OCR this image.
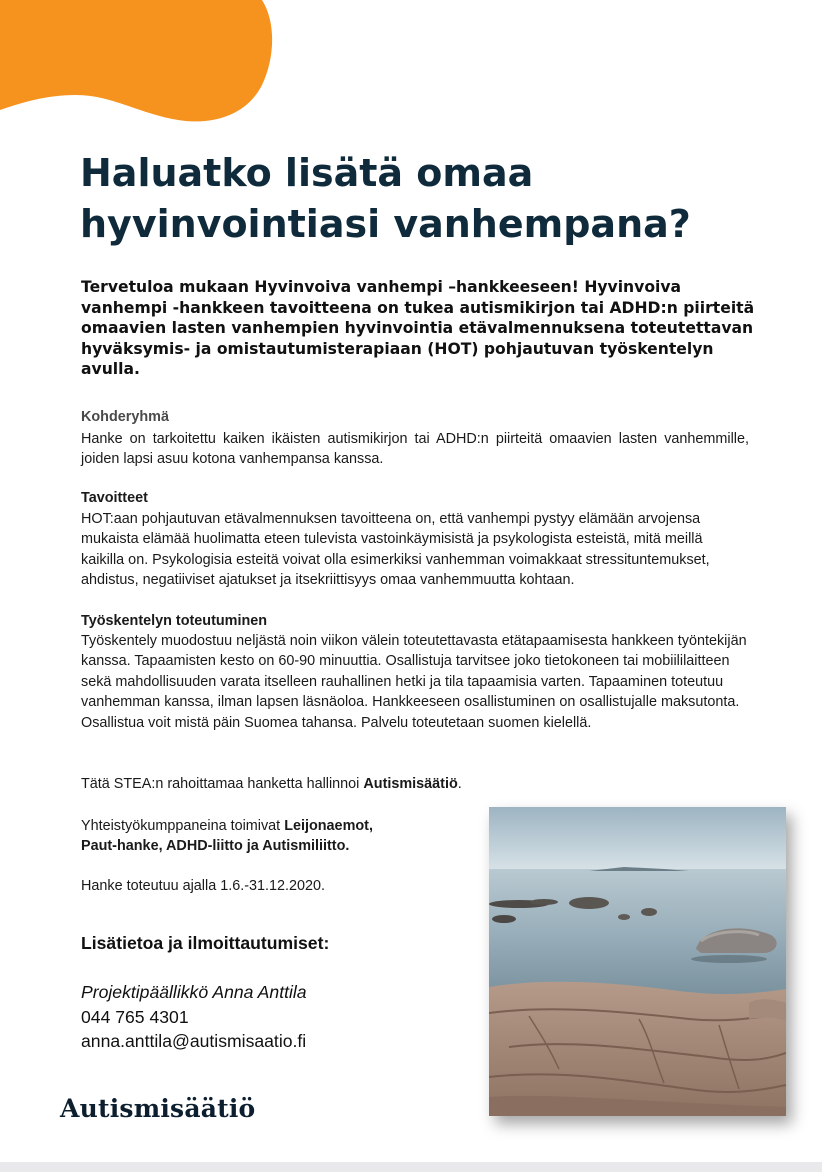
Haluatko lisätä omaa
hyvinvointiasi vanhempana?

Tervetuloa mukaan Hyvinvoiva vanhempi –hankkeeseen! Hyvinvoiva vanhempi -hankkeen tavoitteena on tukea autismikirjon tai ADHD:n piirteitä omaavien lasten vanhempien hyvinvointia etävalmennuksena toteutettavan hyväksymis- ja omistautumisterapiaan (HOT) pohjautuvan työskentelyn avulla.

Kohderyhmä

Hanke on tarkoitettu kaiken ikäisten autismikirjon tai ADHD:n piirteitä omaavien lasten vanhemmille, joiden lapsi asuu kotona vanhempansa kanssa.

Tavoitteet

HOT:aan pohjautuvan etävalmennuksen tavoitteena on, että vanhempi pystyy elämään arvojensa mukaista elämää huolimatta eteen tulevista vastoinkäymisistä ja psykologista esteistä, mitä meillä kaikilla on. Psykologisia esteitä voivat olla esimerkiksi vanhemman voimakkaat stressituntemukset, ahdistus, negatiiviset ajatukset ja itsekriittisyys omaa vanhemmuutta kohtaan.

Työskentelyn toteutuminen

Työskentely muodostuu neljästä noin viikon välein toteutettavasta etätapaamisesta hankkeen työntekijän kanssa. Tapaamisten kesto on 60-90 minuuttia. Osallistuja tarvitsee joko tietokoneen tai mobiililaitteen sekä mahdollisuuden varata itselleen rauhallinen hetki ja tila tapaamisia varten. Tapaaminen toteutuu vanhemman kanssa, ilman lapsen läsnäoloa. Hankkeeseen osallistuminen on osallistujalle maksutonta. Osallistua voit mistä päin Suomea tahansa. Palvelu toteutetaan suomen kielellä.

Tätä STEA:n rahoittamaa hanketta hallinnoi Autismisäätiö.

Yhteistyökumppaneina toimivat Leijonaemot,

Paut-hanke, ADHD-liitto ja Autismiliitto.

Hanke toteutuu ajalla 1.6.-31.12.2020.

Lisätietoa ja ilmoittautumiset:
Projektipäällikkö Anna Anttila
044 765 4301
anna.anttila@autismisaatio.fi
Autismisäätiö
